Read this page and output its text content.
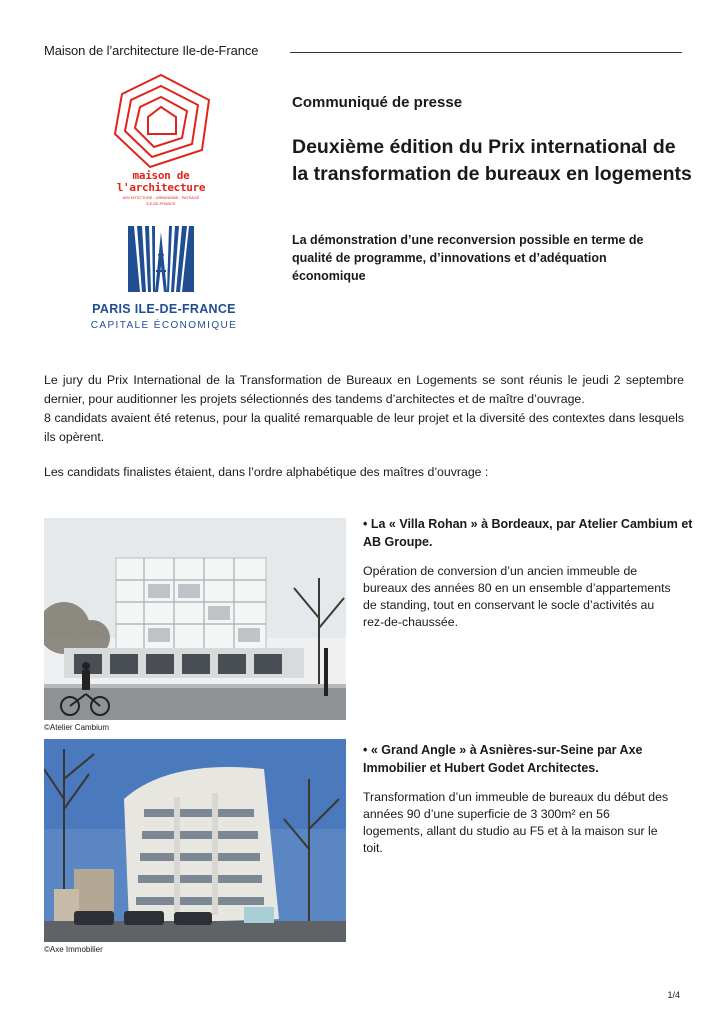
Maison de l’architecture Ile-de-France
maison de
l'architecture
ARCHITECTURE - URBANISME - PAYSAGE
ÎLE-DE-FRANCE
PARIS ILE-DE-FRANCE
CAPITALE ÉCONOMIQUE
Communiqué de presse
Deuxième édition du Prix international de la transformation de bureaux en logements
La démonstration d’une reconversion possible en terme de qualité de programme, d’innovations et d’adéquation économique

Le jury du Prix International de la Transformation de Bureaux en Logements se sont réunis le jeudi 2 septembre dernier, pour auditionner les projets sélectionnés des tandems d’architectes et de maître d’ouvrage.

8 candidats avaient été retenus, pour la qualité remarquable de leur projet et la diversité des contextes dans lesquels ils opèrent.

Les candidats finalistes étaient, dans l’ordre alphabétique des maîtres d’ouvrage :
©Atelier Cambium
• La « Villa Rohan » à Bordeaux, par Atelier Cambium et AB Groupe.
Opération de conversion d’un ancien immeuble de bureaux des années 80 en un ensemble d’appartements de standing, tout en conservant le socle d’activités au rez-de-chaussée.
©Axe Immobilier
• « Grand Angle » à Asnières-sur-Seine par Axe Immobilier et Hubert Godet Architectes.
Transformation d’un immeuble de bureaux du début des années 90 d’une superficie de 3 300m² en 56 logements, allant du studio au F5 et à la maison sur le toit.
1/4
